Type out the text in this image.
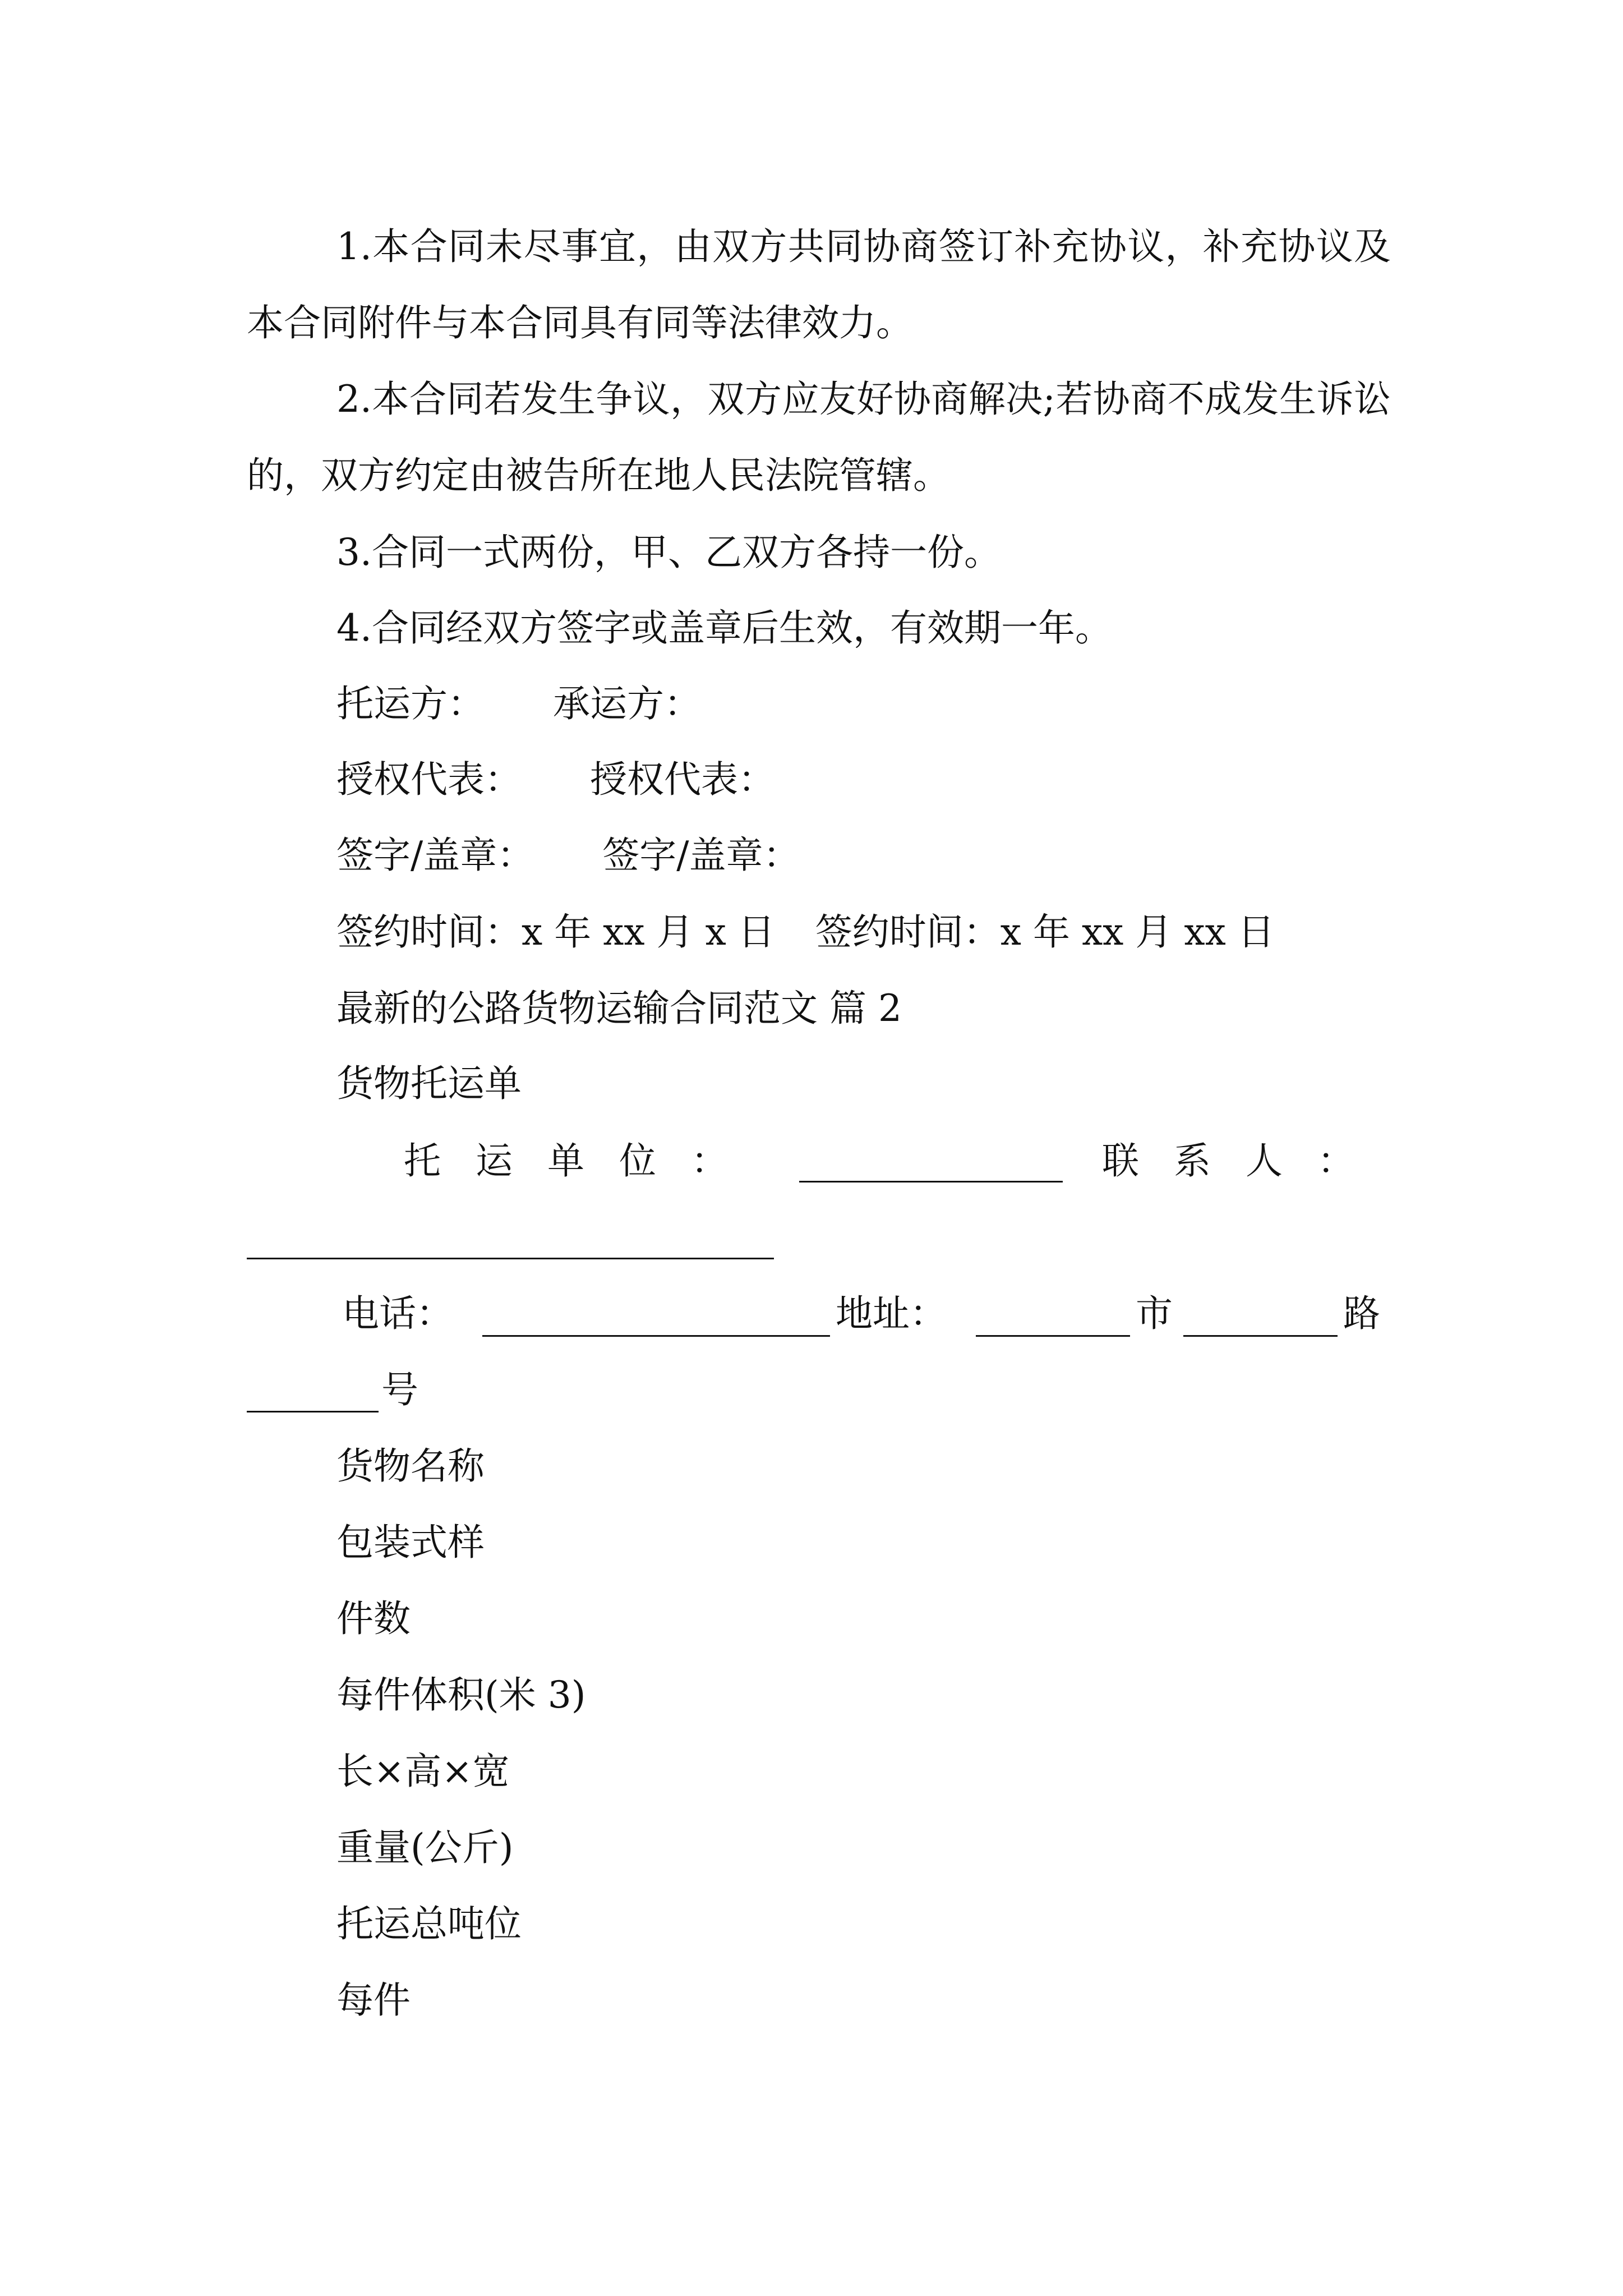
1.本合同未尽事宜，由双方共同协商签订补充协议，补充协议及本合同附件与本合同具有同等法律效力。
2.本合同若发生争议，双方应友好协商解决;若协商不成发生诉讼的，双方约定由被告所在地人民法院管辖。
3.合同一式两份，甲、乙双方各持一份。
4.合同经双方签字或盖章后生效，有效期一年。
托运方： 承运方：
授权代表： 授权代表：
签字/盖章： 签字/盖章：
签约时间：x 年 xx 月 x 日 签约时间：x 年 xx 月 xx 日
最新的公路货物运输合同范文 篇 2
货物托运单
托运单位：	联系人：
电话：	地址：	市	路
号
货物名称
包装式样
件数
每件体积(米 3)
长×高×宽
重量(公斤)
托运总吨位
每件
